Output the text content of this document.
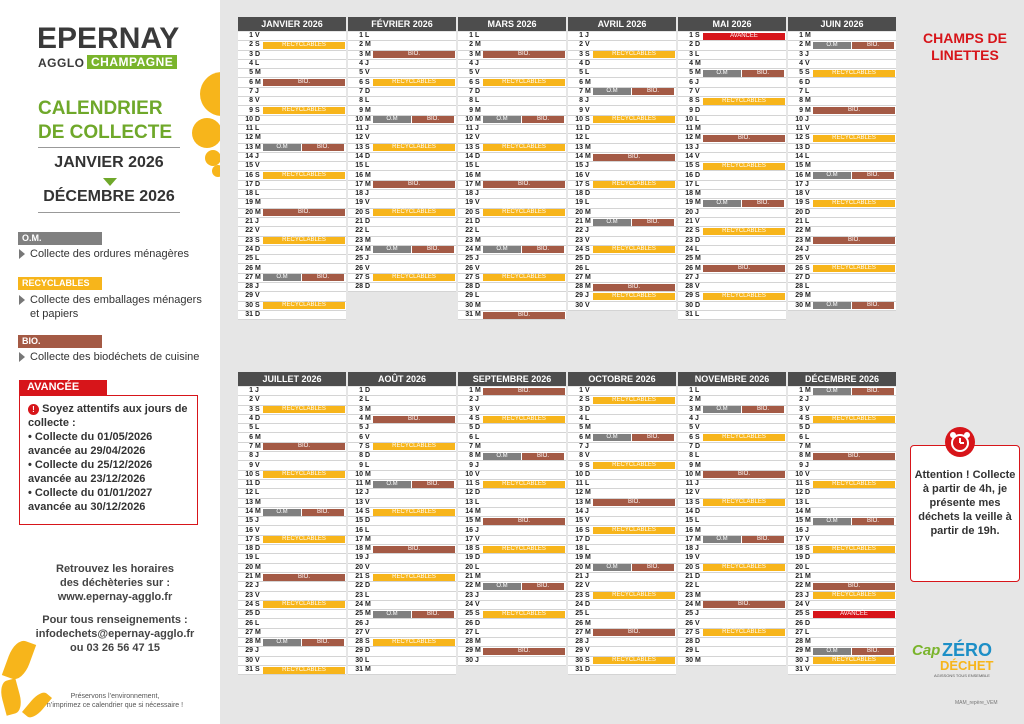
EPERNAY
AGGLO CHAMPAGNE
CALENDRIER
DE COLLECTE
JANVIER 2026
DÉCEMBRE 2026
O.M.
Collecte des ordures ménagères
RECYCLABLES
Collecte des emballages ménagers et papiers
BIO.
Collecte des biodéchets de cuisine
AVANCÉE
! Soyez attentifs aux jours de collecte :
• Collecte du 01/05/2026 avancée au 29/04/2026
• Collecte du 25/12/2026 avancée au 23/12/2026
• Collecte du 01/01/2027 avancée au 30/12/2026
Retrouvez les horaires
des déchèteries sur :
www.epernay-agglo.fr
Pour tous renseignements :
infodechets@epernay-agglo.fr
ou 03 26 56 47 15
Préservons l’environnement,
n’imprimez ce calendrier que si nécessaire !
JANVIER 2026
1 V
2 S	RECYCLABLES
3 D
4 L
5 M
6 M	BIO.
7 J
8 V
9 S	RECYCLABLES
10 D
11 L
12 M
13 M	O.M	BIO.
14 J
15 V
16 S	RECYCLABLES
17 D
18 L
19 M
20 M	BIO.
21 J
22 V
23 S	RECYCLABLES
24 D
25 L
26 M
27 M	O.M	BIO.
28 J
29 V
30 S	RECYCLABLES
31 D
FÉVRIER 2026
1 L
2 M
3 M	BIO.
4 J
5 V
6 S	RECYCLABLES
7 D
8 L
9 M
10 M	O.M	BIO.
11 J
12 V
13 S	RECYCLABLES
14 D
15 L
16 M
17 M	BIO.
18 J
19 V
20 S	RECYCLABLES
21 D
22 L
23 M
24 M	O.M	BIO.
25 J
26 V
27 S	RECYCLABLES
28 D
MARS 2026
1 L
2 M
3 M	BIO.
4 J
5 V
6 S	RECYCLABLES
7 D
8 L
9 M
10 M	O.M	BIO.
11 J
12 V
13 S	RECYCLABLES
14 D
15 L
16 M
17 M	BIO.
18 J
19 V
20 S	RECYCLABLES
21 D
22 L
23 M
24 M	O.M	BIO.
25 J
26 V
27 S	RECYCLABLES
28 D
29 L
30 M
31 M	BIO.
AVRIL 2026
1 J
2 V
3 S	RECYCLABLES
4 D
5 L
6 M
7 M	O.M	BIO.
8 J
9 V
10 S	RECYCLABLES
11 D
12 L
13 M
14 M	BIO.
15 J
16 V
17 S	RECYCLABLES
18 D
19 L
20 M
21 M	O.M	BIO.
22 J
23 V
24 S	RECYCLABLES
25 D
26 L
27 M
28 M	BIO.
29 J	RECYCLABLES
30 V
MAI 2026
1 S	AVANCÉE
2 D
3 L
4 M
5 M	O.M	BIO.
6 J
7 V
8 S	RECYCLABLES
9 D
10 L
11 M
12 M	BIO.
13 J
14 V
15 S	RECYCLABLES
16 D
17 L
18 M
19 M	O.M	BIO.
20 J
21 V
22 S	RECYCLABLES
23 D
24 L
25 M
26 M	BIO.
27 J
28 V
29 S	RECYCLABLES
30 D
31 L
JUIN 2026
1 M
2 M	O.M	BIO.
3 J
4 V
5 S	RECYCLABLES
6 D
7 L
8 M
9 M	BIO.
10 J
11 V
12 S	RECYCLABLES
13 D
14 L
15 M
16 M	O.M	BIO.
17 J
18 V
19 S	RECYCLABLES
20 D
21 L
22 M
23 M	BIO.
24 J
25 V
26 S	RECYCLABLES
27 D
28 L
29 M
30 M	O.M	BIO.
JUILLET 2026
1 J
2 V
3 S	RECYCLABLES
4 D
5 L
6 M
7 M	BIO.
8 J
9 V
10 S	RECYCLABLES
11 D
12 L
13 M
14 M	O.M	BIO.
15 J
16 V
17 S	RECYCLABLES
18 D
19 L
20 M
21 M	BIO.
22 J
23 V
24 S	RECYCLABLES
25 D
26 L
27 M
28 M	O.M	BIO.
29 J
30 V
31 S	RECYCLABLES
AOÛT 2026
1 D
2 L
3 M
4 M	BIO.
5 J
6 V
7 S	RECYCLABLES
8 D
9 L
10 M
11 M	O.M	BIO.
12 J
13 V
14 S	RECYCLABLES
15 D
16 L
17 M
18 M	BIO.
19 J
20 V
21 S	RECYCLABLES
22 D
23 L
24 M
25 M	O.M	BIO.
26 J
27 V
28 S	RECYCLABLES
29 D
30 L
31 M
SEPTEMBRE 2026
1 M	BIO.
2 J
3 V
4 S	RECYCLABLES
5 D
6 L
7 M
8 M	O.M	BIO.
9 J
10 V
11 S	RECYCLABLES
12 D
13 L
14 M
15 M	BIO.
16 J
17 V
18 S	RECYCLABLES
19 D
20 L
21 M
22 M	O.M	BIO.
23 J
24 V
25 S	RECYCLABLES
26 D
27 L
28 M
29 M	BIO.
30 J
OCTOBRE 2026
1 V
2 S	RECYCLABLES
3 D
4 L
5 M
6 M	O.M	BIO.
7 J
8 V
9 S	RECYCLABLES
10 D
11 L
12 M
13 M	BIO.
14 J
15 V
16 S	RECYCLABLES
17 D
18 L
19 M
20 M	O.M	BIO.
21 J
22 V
23 S	RECYCLABLES
24 D
25 L
26 M
27 M	BIO.
28 J
29 V
30 S	RECYCLABLES
31 D
NOVEMBRE 2026
1 L
2 M
3 M	O.M	BIO.
4 J
5 V
6 S	RECYCLABLES
7 D
8 L
9 M
10 M	BIO.
11 J
12 V
13 S	RECYCLABLES
14 D
15 L
16 M
17 M	O.M	BIO.
18 J
19 V
20 S	RECYCLABLES
21 D
22 L
23 M
24 M	BIO.
25 J
26 V
27 S	RECYCLABLES
28 D
29 L
30 M
DÉCEMBRE 2026
1 M	O.M	BIO.
2 J
3 V
4 S	RECYCLABLES
5 D
6 L
7 M
8 M	BIO.
9 J
10 V
11 S	RECYCLABLES
12 D
13 L
14 M
15 M	O.M	BIO.
16 J
17 V
18 S	RECYCLABLES
19 D
20 L
21 M
22 M	BIO.
23 J	RECYCLABLES
24 V
25 S	AVANCÉE
26 D
27 L
28 M
29 M	O.M	BIO.
30 J	RECYCLABLES
31 V
CHAMPS DE
LINETTES
Attention ! Collecte à partir de 4h, je présente mes déchets la veille à partir de 19h.
Cap ZÉRO
DÉCHET
AGISSONS TOUS ENSEMBLE
MAM_repère_VEM
